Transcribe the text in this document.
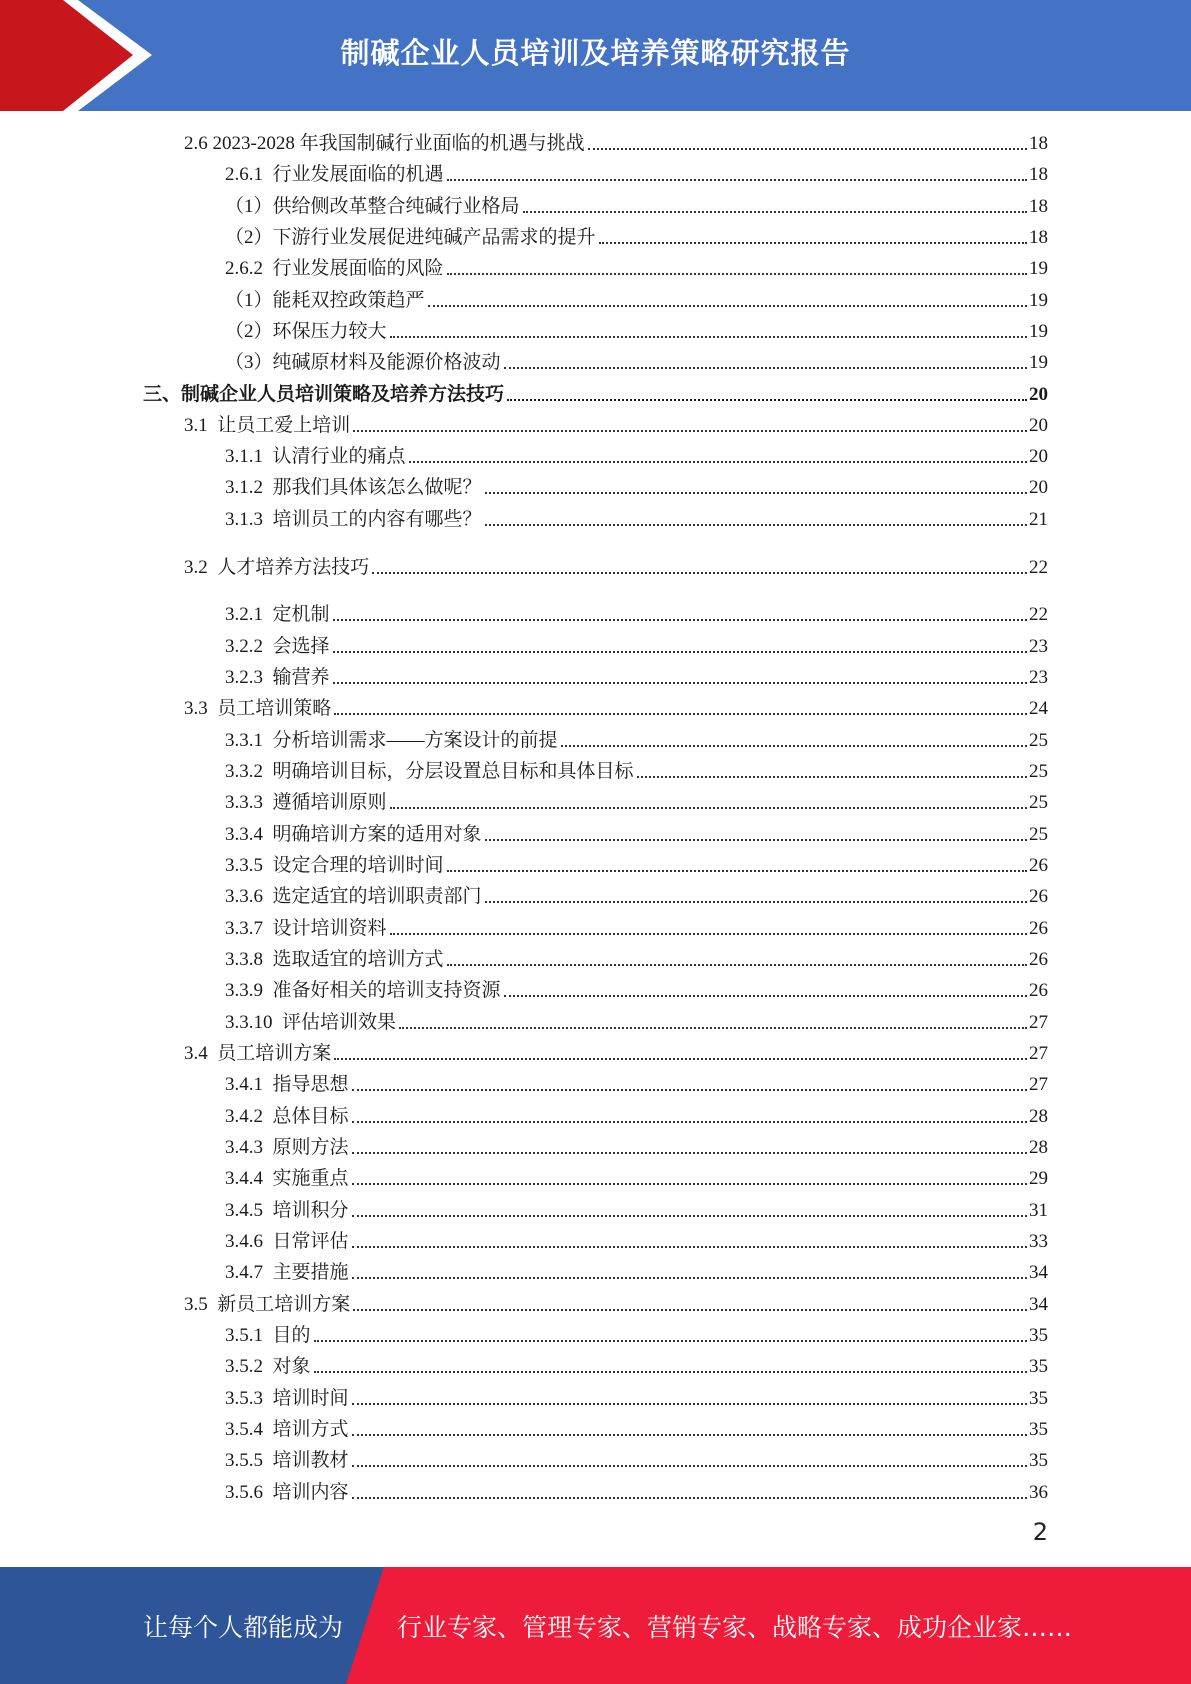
制碱企业人员培训及培养策略研究报告
2.6 2023-2028 年我国制碱行业面临的机遇与挑战	18
2.6.1 行业发展面临的机遇	18
（1） 供给侧改革整合纯碱行业格局	18
（2） 下游行业发展促进纯碱产品需求的提升	18
2.6.2 行业发展面临的风险	19
（1） 能耗双控政策趋严	19
（2） 环保压力较大	19
（3） 纯碱原材料及能源价格波动	19
三、 制碱企业人员培训策略及培养方法技巧	20
3.1 让员工爱上培训	20
3.1.1 认清行业的痛点	20
3.1.2 那我们具体该怎么做呢？	20
3.1.3 培训员工的内容有哪些？	21
3.2 人才培养方法技巧	22
3.2.1 定机制	22
3.2.2 会选择	23
3.2.3 输营养	23
3.3 员工培训策略	24
3.3.1 分析培训需求——方案设计的前提	25
3.3.2 明确培训目标，分层设置总目标和具体目标	25
3.3.3 遵循培训原则	25
3.3.4 明确培训方案的适用对象	25
3.3.5 设定合理的培训时间	26
3.3.6 选定适宜的培训职责部门	26
3.3.7 设计培训资料	26
3.3.8 选取适宜的培训方式	26
3.3.9 准备好相关的培训支持资源	26
3.3.10 评估培训效果	27
3.4 员工培训方案	27
3.4.1 指导思想	27
3.4.2 总体目标	28
3.4.3 原则方法	28
3.4.4 实施重点	29
3.4.5 培训积分	31
3.4.6 日常评估	33
3.4.7 主要措施	34
3.5 新员工培训方案	34
3.5.1 目的	35
3.5.2 对象	35
3.5.3 培训时间	35
3.5.4 培训方式	35
3.5.5 培训教材	35
3.5.6 培训内容	36
2
让每个人都能成为 行业专家、管理专家、营销专家、战略专家、成功企业家……
